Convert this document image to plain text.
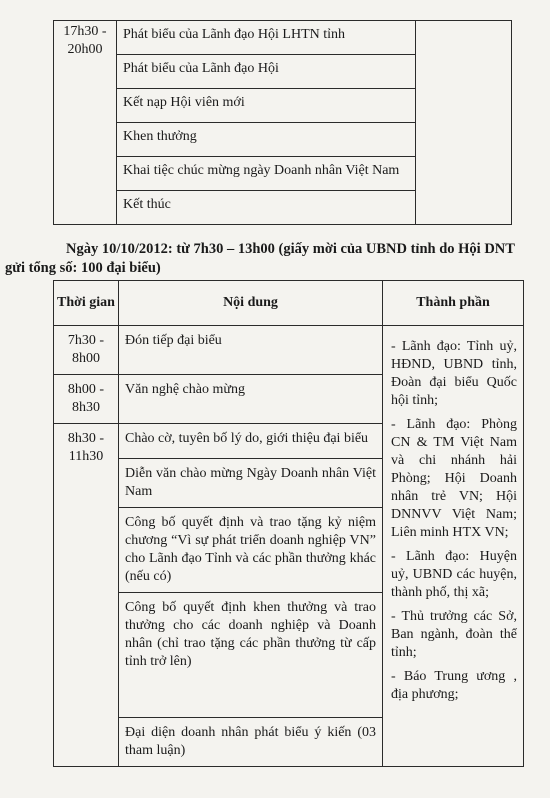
17h30 - 20h00	Phát biểu của Lãnh đạo Hội LHTN tỉnh	
Phát biểu của Lãnh đạo Hội
Kết nạp Hội viên mới
Khen thưởng
Khai tiệc chúc mừng ngày Doanh nhân Việt Nam
Kết thúc
Ngày 10/10/2012: từ 7h30 – 13h00 (giấy mời của UBND tỉnh do Hội DNT
gửi tổng số: 100 đại biểu)
Thời gian	Nội dung	Thành phần
7h30 - 8h00	Đón tiếp đại biểu	- Lãnh đạo: Tỉnh uỷ, HĐND, UBND tỉnh, Đoàn đại biểu Quốc hội tỉnh;

- Lãnh đạo: Phòng CN & TM Việt Nam và chi nhánh hải Phòng; Hội Doanh nhân trẻ VN; Hội DNNVV Việt Nam; Liên minh HTX VN;

- Lãnh đạo: Huyện uỷ, UBND các huyện, thành phố, thị xã;

- Thủ trưởng các Sở, Ban ngành, đoàn thể tỉnh;

- Báo Trung ương , địa phương;

8h00 - 8h30	Văn nghệ chào mừng	
8h30 - 11h30	Chào cờ, tuyên bố lý do, giới thiệu đại biểu	
	Diễn văn chào mừng Ngày Doanh nhân Việt Nam	
	Công bố quyết định và trao tặng kỷ niệm chương “Vì sự phát triển doanh nghiệp VN” cho Lãnh đạo Tỉnh và các phần thưởng khác (nếu có)	
	Công bố quyết định khen thưởng và trao thưởng cho các doanh nghiệp và Doanh nhân (chỉ trao tặng các phần thưởng từ cấp tỉnh trở lên)	
	Đại diện doanh nhân phát biểu ý kiến (03 tham luận)	
